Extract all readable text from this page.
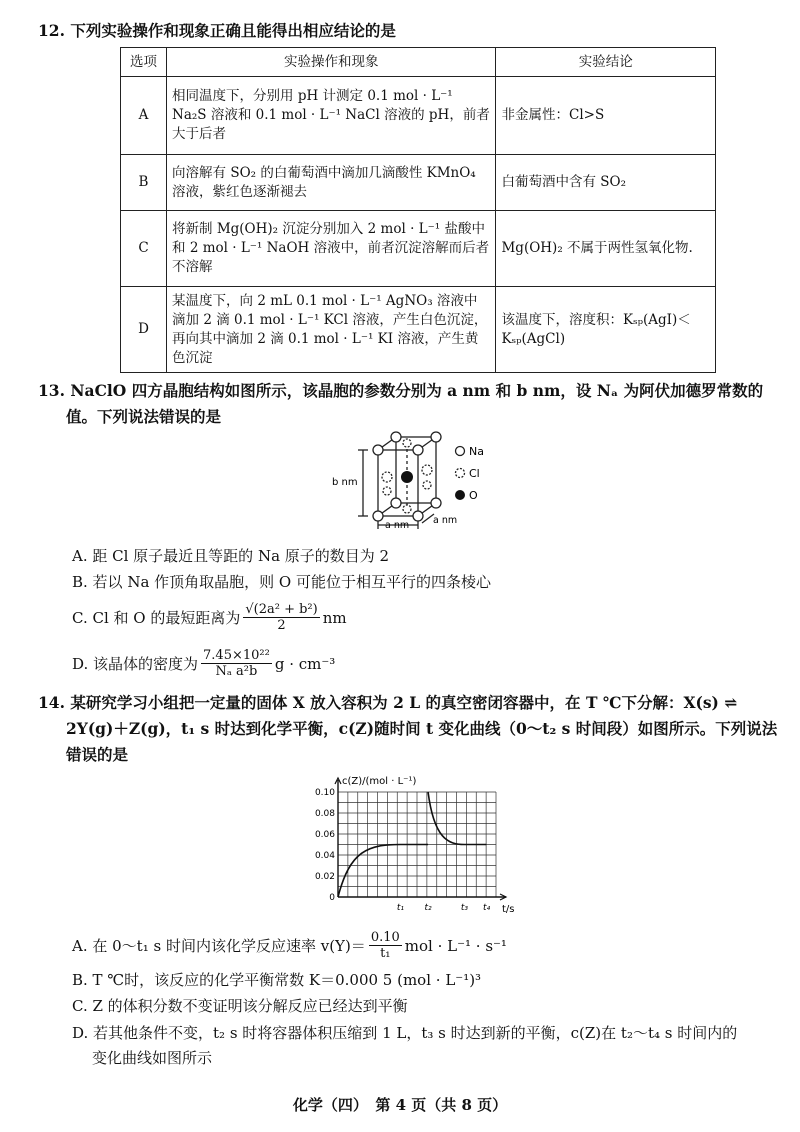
12. 下列实验操作和现象正确且能得出相应结论的是
选项	实验操作和现象	实验结论
A	相同温度下，分别用 pH 计测定 0.1 mol · L⁻¹ Na₂S 溶液和 0.1 mol · L⁻¹ NaCl 溶液的 pH，前者大于后者	非金属性：Cl>S
B	向溶解有 SO₂ 的白葡萄酒中滴加几滴酸性 KMnO₄ 溶液，紫红色逐渐褪去	白葡萄酒中含有 SO₂
C	将新制 Mg(OH)₂ 沉淀分别加入 2 mol · L⁻¹ 盐酸中和 2 mol · L⁻¹ NaOH 溶液中，前者沉淀溶解而后者不溶解	Mg(OH)₂ 不属于两性氢氧化物.
D	某温度下，向 2 mL 0.1 mol · L⁻¹ AgNO₃ 溶液中滴加 2 滴 0.1 mol · L⁻¹ KCl 溶液，产生白色沉淀，再向其中滴加 2 滴 0.1 mol · L⁻¹ KI 溶液，产生黄色沉淀	该温度下，溶度积：Kₛₚ(AgI)＜Kₛₚ(AgCl)
13. NaClO 四方晶胞结构如图所示，该晶胞的参数分别为 a nm 和 b nm，设 Nₐ 为阿伏加德罗常数的
值。下列说法错误的是
b nm
a nm	a nm
Na
Cl
O
A. 距 Cl 原子最近且等距的 Na 原子的数目为 2
B. 若以 Na 作顶角取晶胞，则 O 可能位于相互平行的四条棱心
C. Cl 和 O 的最短距离为 $\frac{\text{√(2a² + b²)}}{2}$ nm
D. 该晶体的密度为 $\frac{\text{7.45×10²²}}{\text{Nₐ a²b}}$ g · cm⁻³
14. 某研究学习小组把一定量的固体 X 放入容积为 2 L 的真空密闭容器中，在 T ℃下分解：X(s) ⇌
2Y(g)＋Z(g)，t₁ s 时达到化学平衡，c(Z)随时间 t 变化曲线（0～t₂ s 时间段）如图所示。下列说法
错误的是
c(Z)/(mol · L⁻¹)
t/s
0
0.02
0.04
0.06
0.08
0.10
t₁ t₂	t₃ t₄
A. 在 0～t₁ s 时间内该化学反应速率 $v(Y)= \frac{0.10}{\text{t₁}}$ mol · L⁻¹ · s⁻¹
B. T ℃时，该反应的化学平衡常数 K＝0.000 5 (mol · L⁻¹)³
C. Z 的体积分数不变证明该分解反应已经达到平衡
D. 若其他条件不变，t₂ s 时将容器体积压缩到 1 L，t₃ s 时达到新的平衡，c(Z)在 t₂～t₄ s 时间内的
变化曲线如图所示
化学（四）　第 4 页（共 8 页）
